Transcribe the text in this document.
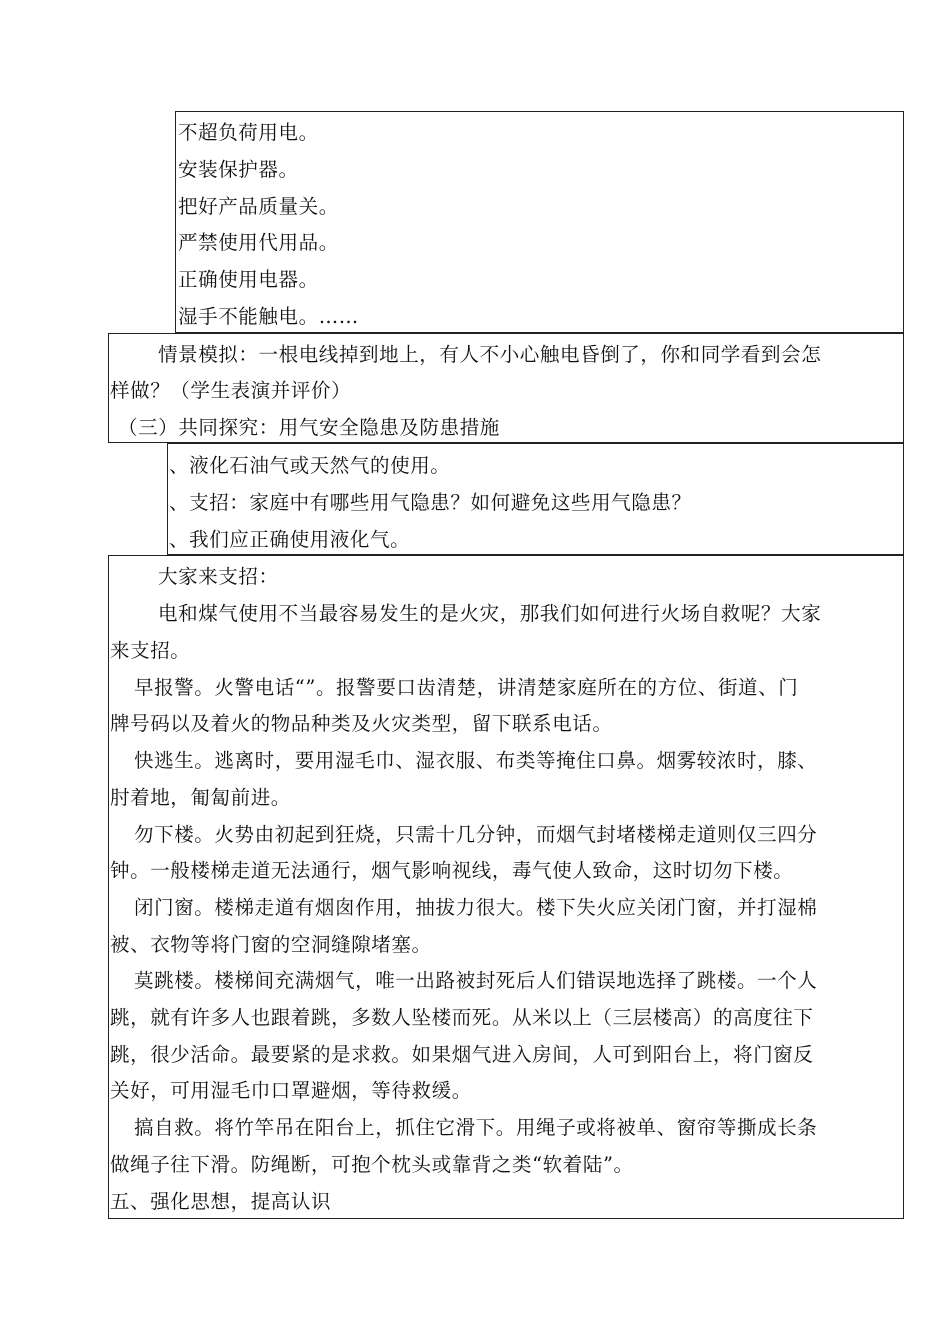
不超负荷用电。
安装保护器。
把好产品质量关。
严禁使用代用品。
正确使用电器。
湿手不能触电。……
情景模拟：一根电线掉到地上，有人不小心触电昏倒了，你和同学看到会怎
样做？（学生表演并评价）
（三）共同探究：用气安全隐患及防患措施
、液化石油气或天然气的使用。
、支招：家庭中有哪些用气隐患？如何避免这些用气隐患？
、我们应正确使用液化气。
大家来支招：
电和煤气使用不当最容易发生的是火灾，那我们如何进行火场自救呢？大家
来支招。
早报警。火警电话“”。报警要口齿清楚，讲清楚家庭所在的方位、街道、门
牌号码以及着火的物品种类及火灾类型，留下联系电话。
快逃生。逃离时，要用湿毛巾、湿衣服、布类等掩住口鼻。烟雾较浓时，膝、
肘着地，匍匐前进。
勿下楼。火势由初起到狂烧，只需十几分钟，而烟气封堵楼梯走道则仅三四分
钟。一般楼梯走道无法通行，烟气影响视线，毒气使人致命，这时切勿下楼。
闭门窗。楼梯走道有烟囱作用，抽拔力很大。楼下失火应关闭门窗，并打湿棉
被、衣物等将门窗的空洞缝隙堵塞。
莫跳楼。楼梯间充满烟气，唯一出路被封死后人们错误地选择了跳楼。一个人
跳，就有许多人也跟着跳，多数人坠楼而死。从米以上（三层楼高）的高度往下
跳，很少活命。最要紧的是求救。如果烟气进入房间，人可到阳台上，将门窗反
关好，可用湿毛巾口罩避烟，等待救缓。
搞自救。将竹竿吊在阳台上，抓住它滑下。用绳子或将被单、窗帘等撕成长条
做绳子往下滑。防绳断，可抱个枕头或靠背之类“软着陆”。
五、强化思想，提高认识
